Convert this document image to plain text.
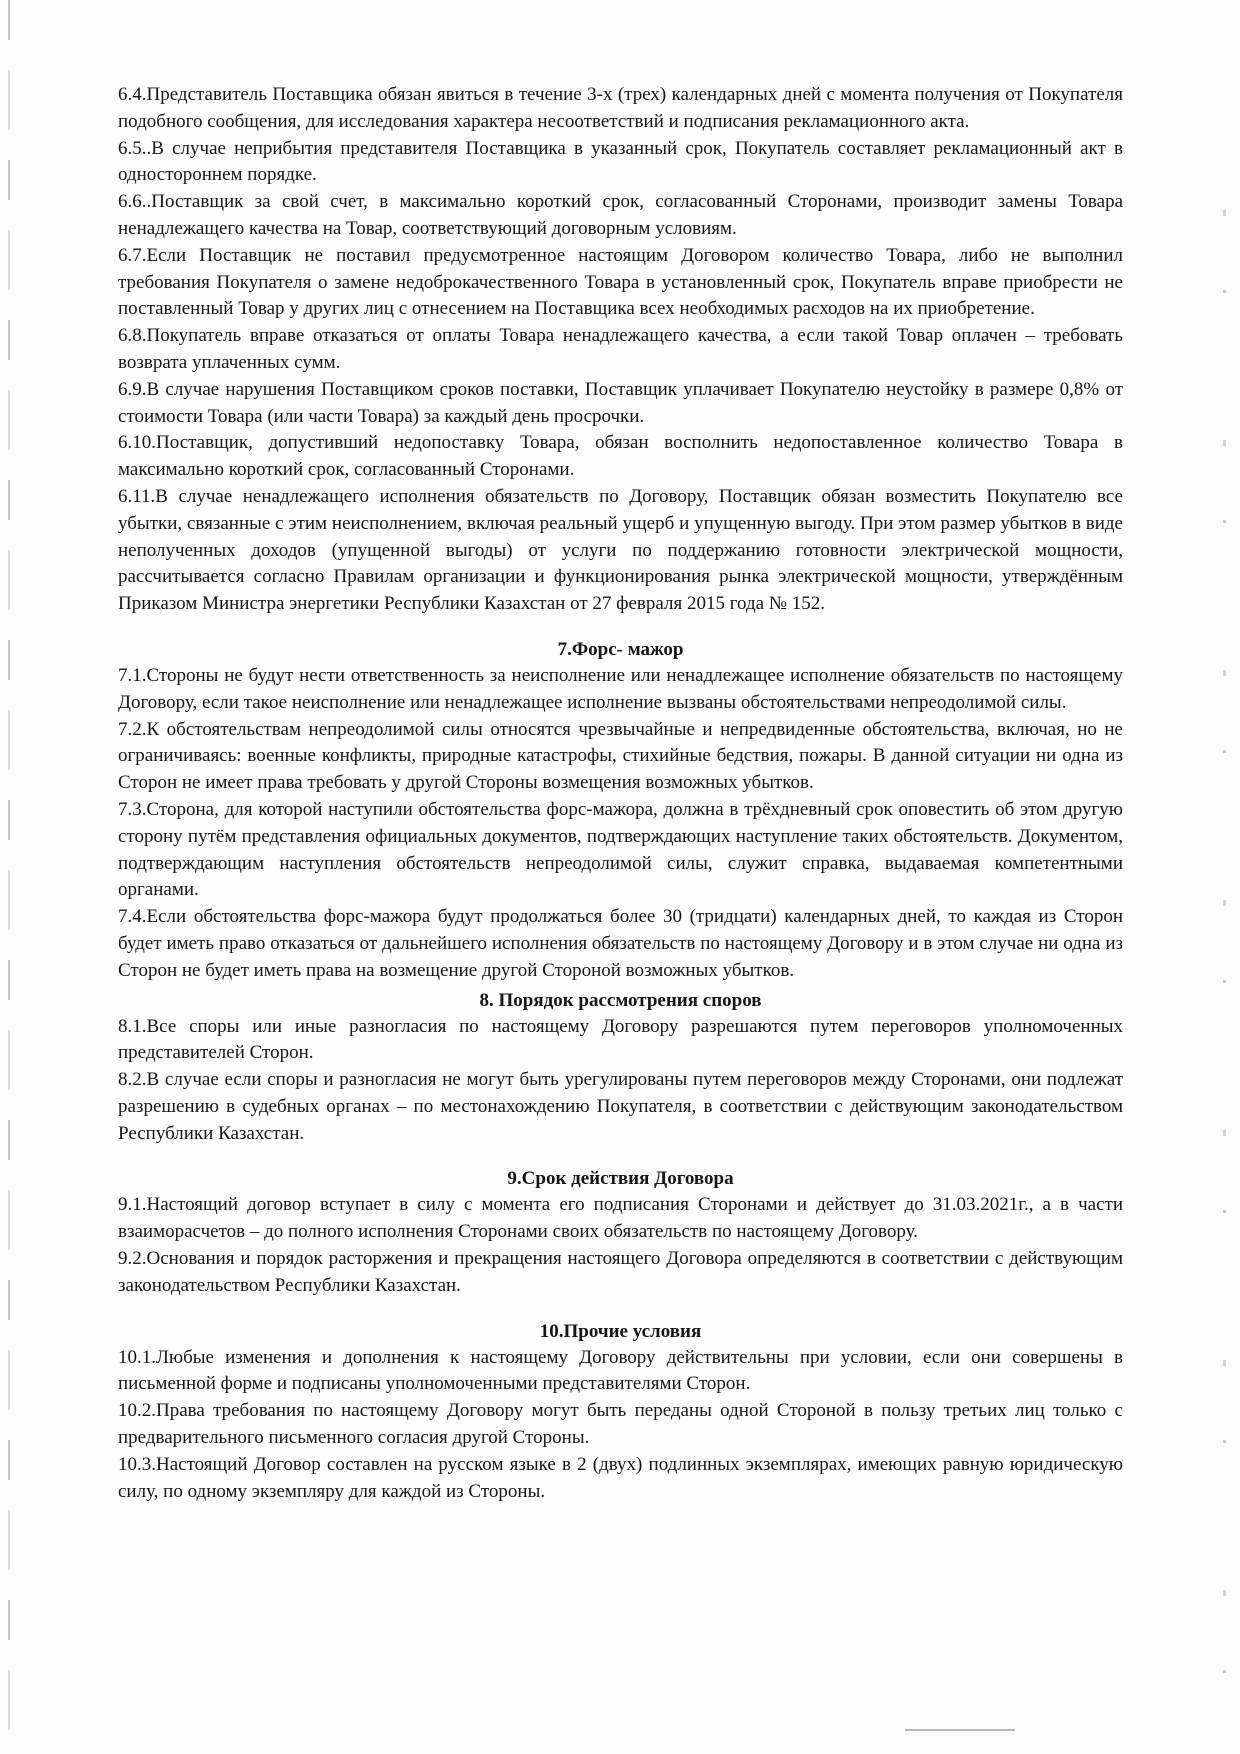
6.4.Представитель Поставщика обязан явиться в течение 3-х (трех) календарных дней с момента получения от Покупателя подобного сообщения, для исследования характера несоответствий и подписания рекламационного акта.

6.5..В случае неприбытия представителя Поставщика в указанный срок, Покупатель составляет рекламационный акт в одностороннем порядке.

6.6..Поставщик за свой счет, в максимально короткий срок, согласованный Сторонами, производит замены Товара ненадлежащего качества на Товар, соответствующий договорным условиям.

6.7.Если Поставщик не поставил предусмотренное настоящим Договором количество Товара, либо не выполнил требования Покупателя о замене недоброкачественного Товара в установленный срок, Покупатель вправе приобрести не поставленный Товар у других лиц с отнесением на Поставщика всех необходимых расходов на их приобретение.

6.8.Покупатель вправе отказаться от оплаты Товара ненадлежащего качества, а если такой Товар оплачен – требовать возврата уплаченных сумм.

6.9.В случае нарушения Поставщиком сроков поставки, Поставщик уплачивает Покупателю неустойку в размере 0,8% от стоимости Товара (или части Товара) за каждый день просрочки.

6.10.Поставщик, допустивший недопоставку Товара, обязан восполнить недопоставленное количество Товара в максимально короткий срок, согласованный Сторонами.

6.11.В случае ненадлежащего исполнения обязательств по Договору, Поставщик обязан возместить Покупателю все убытки, связанные с этим неисполнением, включая реальный ущерб и упущенную выгоду. При этом размер убытков в виде неполученных доходов (упущенной выгоды) от услуги по поддержанию готовности электрической мощности, рассчитывается согласно Правилам организации и функционирования рынка электрической мощности, утверждённым Приказом Министра энергетики Республики Казахстан от 27 февраля 2015 года № 152.

7.Форс- мажор

7.1.Стороны не будут нести ответственность за неисполнение или ненадлежащее исполнение обязательств по настоящему Договору, если такое неисполнение или ненадлежащее исполнение вызваны обстоятельствами непреодолимой силы.

7.2.К обстоятельствам непреодолимой силы относятся чрезвычайные и непредвиденные обстоятельства, включая, но не ограничиваясь: военные конфликты, природные катастрофы, стихийные бедствия, пожары. В данной ситуации ни одна из Сторон не имеет права требовать у другой Стороны возмещения возможных убытков.

7.3.Сторона, для которой наступили обстоятельства форс-мажора, должна в трёхдневный срок оповестить об этом другую сторону путём представления официальных документов, подтверждающих наступление таких обстоятельств. Документом, подтверждающим наступления обстоятельств непреодолимой силы, служит справка, выдаваемая компетентными органами.

7.4.Если обстоятельства форс-мажора будут продолжаться более 30 (тридцати) календарных дней, то каждая из Сторон будет иметь право отказаться от дальнейшего исполнения обязательств по настоящему Договору и в этом случае ни одна из Сторон не будет иметь права на возмещение другой Стороной возможных убытков.

8. Порядок рассмотрения споров

8.1.Все споры или иные разногласия по настоящему Договору разрешаются путем переговоров уполномоченных представителей Сторон.

8.2.В случае если споры и разногласия не могут быть урегулированы путем переговоров между Сторонами, они подлежат разрешению в судебных органах – по местонахождению Покупателя, в соответствии с действующим законодательством Республики Казахстан.

9.Срок действия Договора

9.1.Настоящий договор вступает в силу с момента его подписания Сторонами и действует до 31.03.2021г., а в части взаиморасчетов – до полного исполнения Сторонами своих обязательств по настоящему Договору.

9.2.Основания и порядок расторжения и прекращения настоящего Договора определяются в соответствии с действующим законодательством Республики Казахстан.

10.Прочие условия

10.1.Любые изменения и дополнения к настоящему Договору действительны при условии, если они совершены в письменной форме и подписаны уполномоченными представителями Сторон.

10.2.Права требования по настоящему Договору могут быть переданы одной Стороной в пользу третьих лиц только с предварительного письменного согласия другой Стороны.

10.3.Настоящий Договор составлен на русском языке в 2 (двух) подлинных экземплярах, имеющих равную юридическую силу, по одному экземпляру для каждой из Стороны.
